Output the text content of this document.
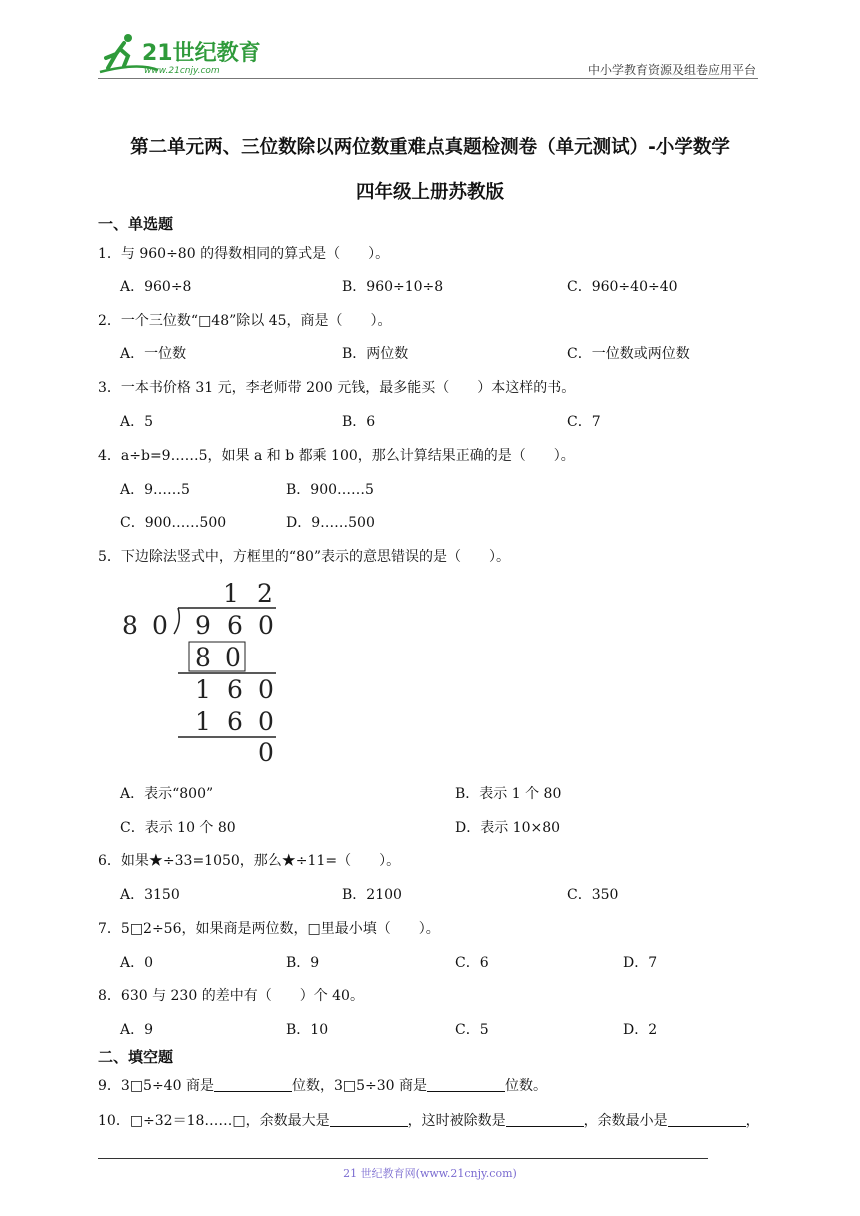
21世纪教育
www.21cnjy.com	中小学教育资源及组卷应用平台
第二单元两、三位数除以两位数重难点真题检测卷（单元测试）-小学数学
四年级上册苏教版
一、单选题
1．与 960÷80 的得数相同的算式是（　　）。
A．960÷8	B．960÷10÷8	C．960÷40÷40
2．一个三位数“□48”除以 45，商是（　　）。
A．一位数	B．两位数	C．一位数或两位数
3．一本书价格 31 元，李老师带 200 元钱，最多能买（　　）本这样的书。
A．5	B．6	C．7
4．a÷b=9……5，如果 a 和 b 都乘 100，那么计算结果正确的是（　　）。
A．9……5	B．900……5
C．900……500	D．9……500
5．下边除法竖式中，方框里的“80”表示的意思错误的是（　　）。
1 2
8 0 9 6 0
8 0
1 6 0
1 6 0
0
A．表示“800”	B．表示 1 个 80
C．表示 10 个 80	D．表示 10×80
6．如果★÷33=1050，那么★÷11=（　　）。
A．3150	B．2100	C．350
7．5□2÷56，如果商是两位数，□里最小填（　　）。
A．0	B．9	C．6	D．7
8．630 与 230 的差中有（　　）个 40。
A．9	B．10	C．5	D．2
二、填空题
9．3□5÷40 商是	位数，3□5÷30 商是	位数。
10．□÷32＝18……□，余数最大是	，这时被除数是	，余数最小是	，
21 世纪教育网(www.21cnjy.com)
